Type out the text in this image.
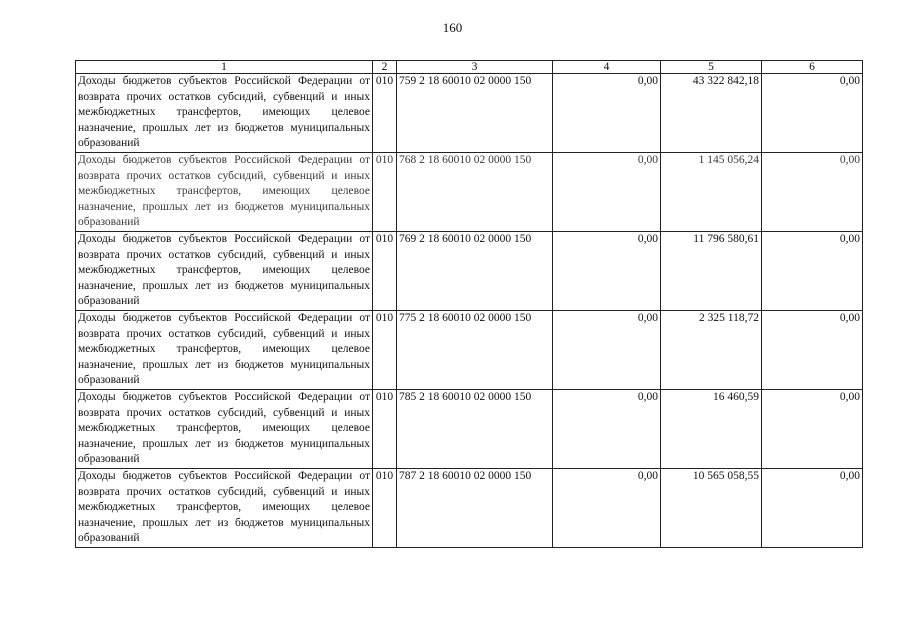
160
1	2	3	4	5	6
Доходы бюджетов субъектов Российской Федерации от возврата прочих остатков субсидий, субвенций и иных межбюджетных трансфертов, имеющих целевое назначение, прошлых лет из бюджетов муниципальных образований	010	759 2 18 60010 02 0000 150	0,00	43 322 842,18	0,00
Доходы бюджетов субъектов Российской Федерации от возврата прочих остатков субсидий, субвенций и иных межбюджетных трансфертов, имеющих целевое назначение, прошлых лет из бюджетов муниципальных образований	010	768 2 18 60010 02 0000 150	0,00	1 145 056,24	0,00
Доходы бюджетов субъектов Российской Федерации от возврата прочих остатков субсидий, субвенций и иных межбюджетных трансфертов, имеющих целевое назначение, прошлых лет из бюджетов муниципальных образований	010	769 2 18 60010 02 0000 150	0,00	11 796 580,61	0,00
Доходы бюджетов субъектов Российской Федерации от возврата прочих остатков субсидий, субвенций и иных межбюджетных трансфертов, имеющих целевое назначение, прошлых лет из бюджетов муниципальных образований	010	775 2 18 60010 02 0000 150	0,00	2 325 118,72	0,00
Доходы бюджетов субъектов Российской Федерации от возврата прочих остатков субсидий, субвенций и иных межбюджетных трансфертов, имеющих целевое назначение, прошлых лет из бюджетов муниципальных образований	010	785 2 18 60010 02 0000 150	0,00	16 460,59	0,00
Доходы бюджетов субъектов Российской Федерации от возврата прочих остатков субсидий, субвенций и иных межбюджетных трансфертов, имеющих целевое назначение, прошлых лет из бюджетов муниципальных образований	010	787 2 18 60010 02 0000 150	0,00	10 565 058,55	0,00
